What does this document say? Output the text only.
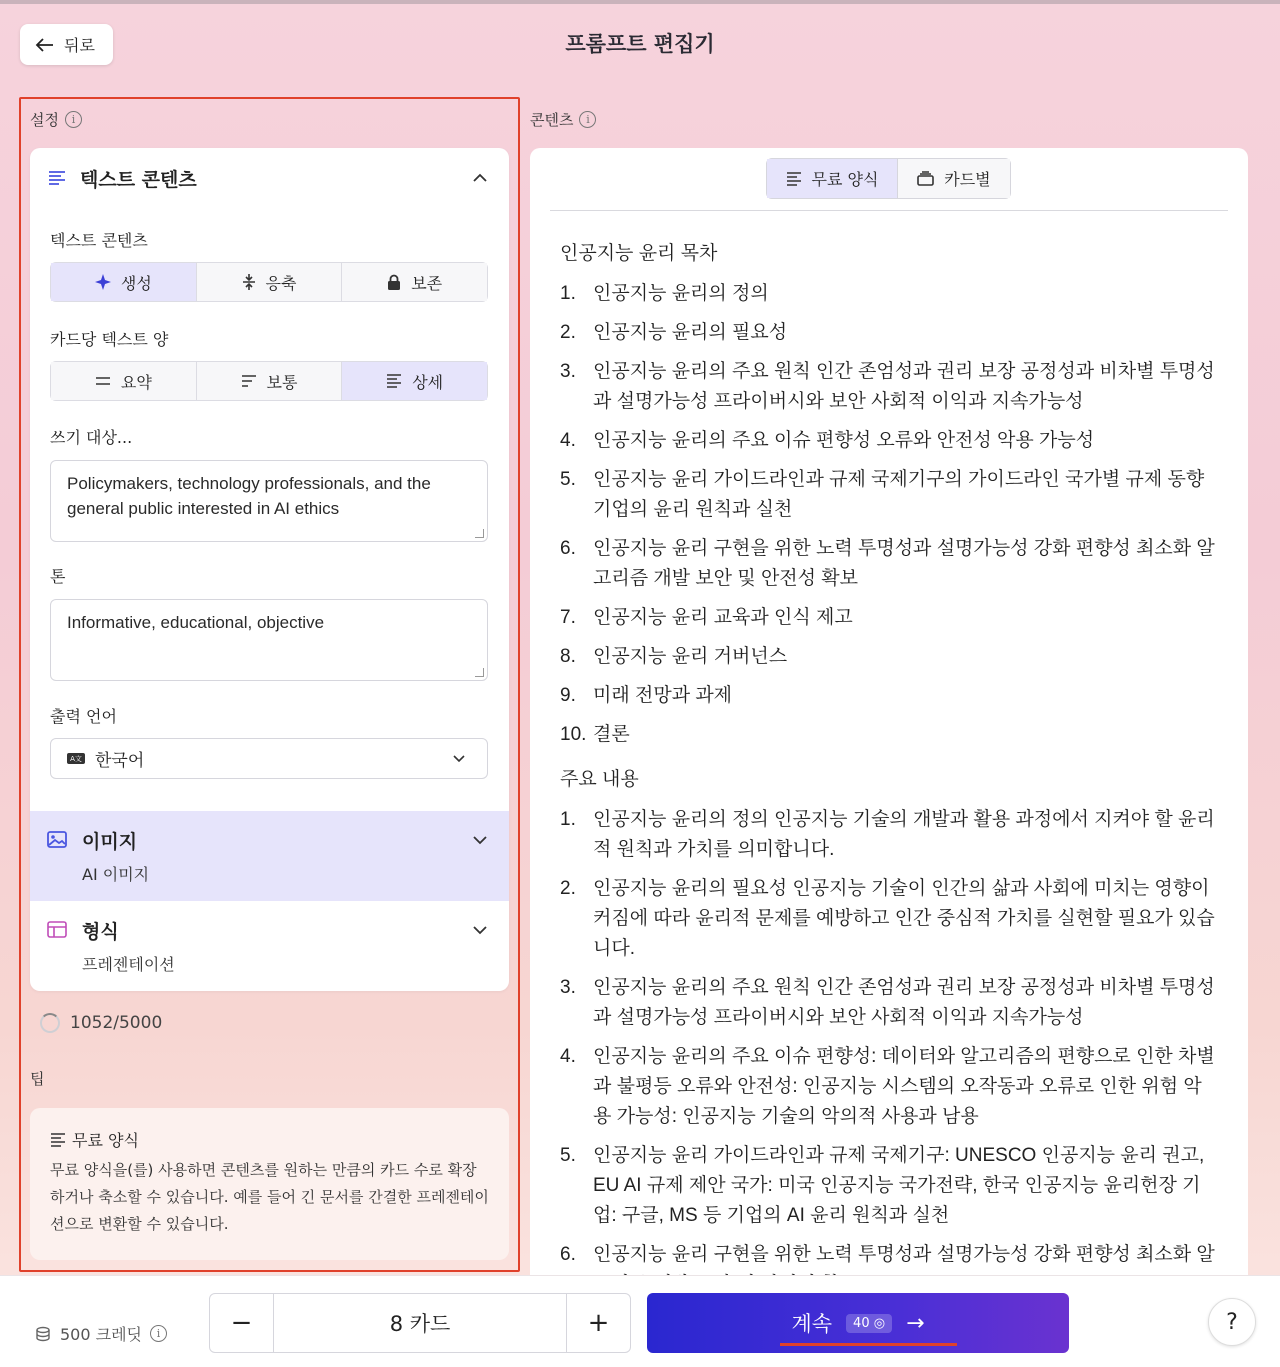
뒤로	프롬프트 편집기
설정	i
텍스트 콘텐츠
텍스트 콘텐츠
생성	응축	보존
카드당 텍스트 양
요약	보통	상세
쓰기 대상...
Policymakers, technology professionals, and the general public interested in AI ethics
톤
Informative, educational, objective
출력 언어
A文 한국어
이미지
AI 이미지
형식
프레젠테이션
1052/5000
팁
무료 양식
무료 양식을(를) 사용하면 콘텐츠를 원하는 만큼의 카드 수로 확장하거나 축소할 수 있습니다. 예를 들어 긴 문서를 간결한 프레젠테이션으로 변환할 수 있습니다.
콘텐츠	i
무료 양식	카드별
인공지능 윤리 목차
1. 인공지능 윤리의 정의
2. 인공지능 윤리의 필요성
3. 인공지능 윤리의 주요 원칙 인간 존엄성과 권리 보장 공정성과 비차별 투명성과 설명가능성 프라이버시와 보안 사회적 이익과 지속가능성
4. 인공지능 윤리의 주요 이슈 편향성 오류와 안전성 악용 가능성
5. 인공지능 윤리 가이드라인과 규제 국제기구의 가이드라인 국가별 규제 동향 기업의 윤리 원칙과 실천
6. 인공지능 윤리 구현을 위한 노력 투명성과 설명가능성 강화 편향성 최소화 알고리즘 개발 보안 및 안전성 확보
7. 인공지능 윤리 교육과 인식 제고
8. 인공지능 윤리 거버넌스
9. 미래 전망과 과제
10. 결론
주요 내용
1. 인공지능 윤리의 정의 인공지능 기술의 개발과 활용 과정에서 지켜야 할 윤리적 원칙과 가치를 의미합니다.
2. 인공지능 윤리의 필요성 인공지능 기술이 인간의 삶과 사회에 미치는 영향이 커짐에 따라 윤리적 문제를 예방하고 인간 중심적 가치를 실현할 필요가 있습니다.
3. 인공지능 윤리의 주요 원칙 인간 존엄성과 권리 보장 공정성과 비차별 투명성과 설명가능성 프라이버시와 보안 사회적 이익과 지속가능성
4. 인공지능 윤리의 주요 이슈 편향성: 데이터와 알고리즘의 편향으로 인한 차별과 불평등 오류와 안전성: 인공지능 시스템의 오작동과 오류로 인한 위험 악용 가능성: 인공지능 기술의 악의적 사용과 남용
5. 인공지능 윤리 가이드라인과 규제 국제기구: UNESCO 인공지능 윤리 권고, EU AI 규제 제안 국가: 미국 인공지능 국가전략, 한국 인공지능 윤리헌장 기업: 구글, MS 등 기업의 AI 윤리 원칙과 실천
6. 인공지능 윤리 구현을 위한 노력 투명성과 설명가능성 강화 편향성 최소화 알
500 크레딧	i	−	8 카드	+	계속	40 ◎ →	?
